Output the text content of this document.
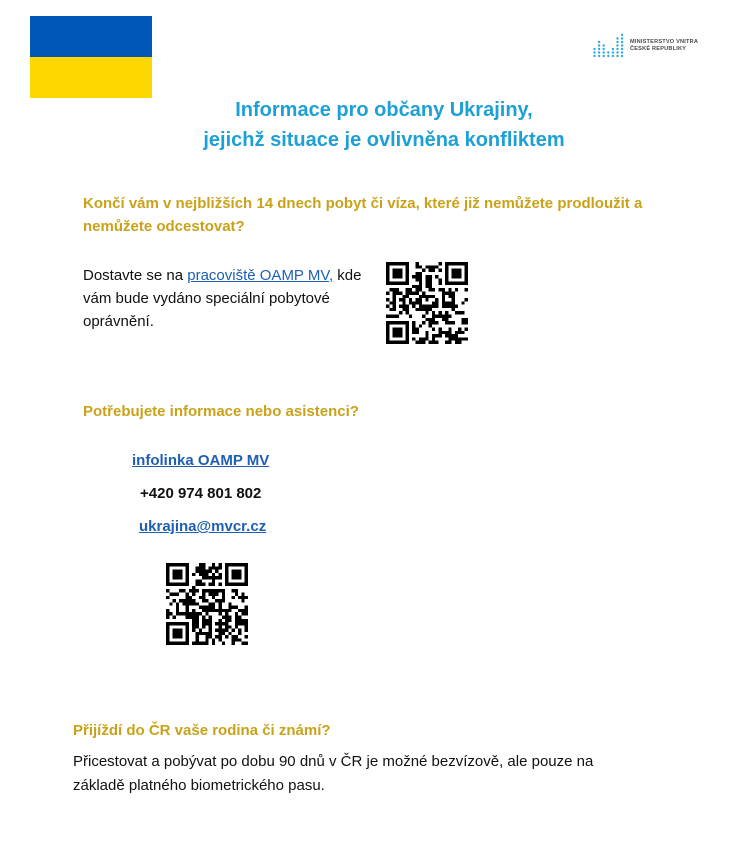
MINISTERSTVO VNITRA
ČESKÉ REPUBLIKY
Informace pro občany Ukrajiny,
jejichž situace je ovlivněna konfliktem
Končí vám v nejbližších 14 dnech pobyt či víza, které již nemůžete prodloužit a nemůžete odcestovat?
Dostavte se na pracoviště OAMP MV, kde vám bude vydáno speciální pobytové oprávnění.
Potřebujete informace nebo asistenci?
infolinka OAMP MV
+420 974 801 802
ukrajina@mvcr.cz
Přijíždí do ČR vaše rodina či známí?
Přicestovat a pobývat po dobu 90 dnů v ČR je možné bezvízově, ale pouze na základě platného biometrického pasu.
